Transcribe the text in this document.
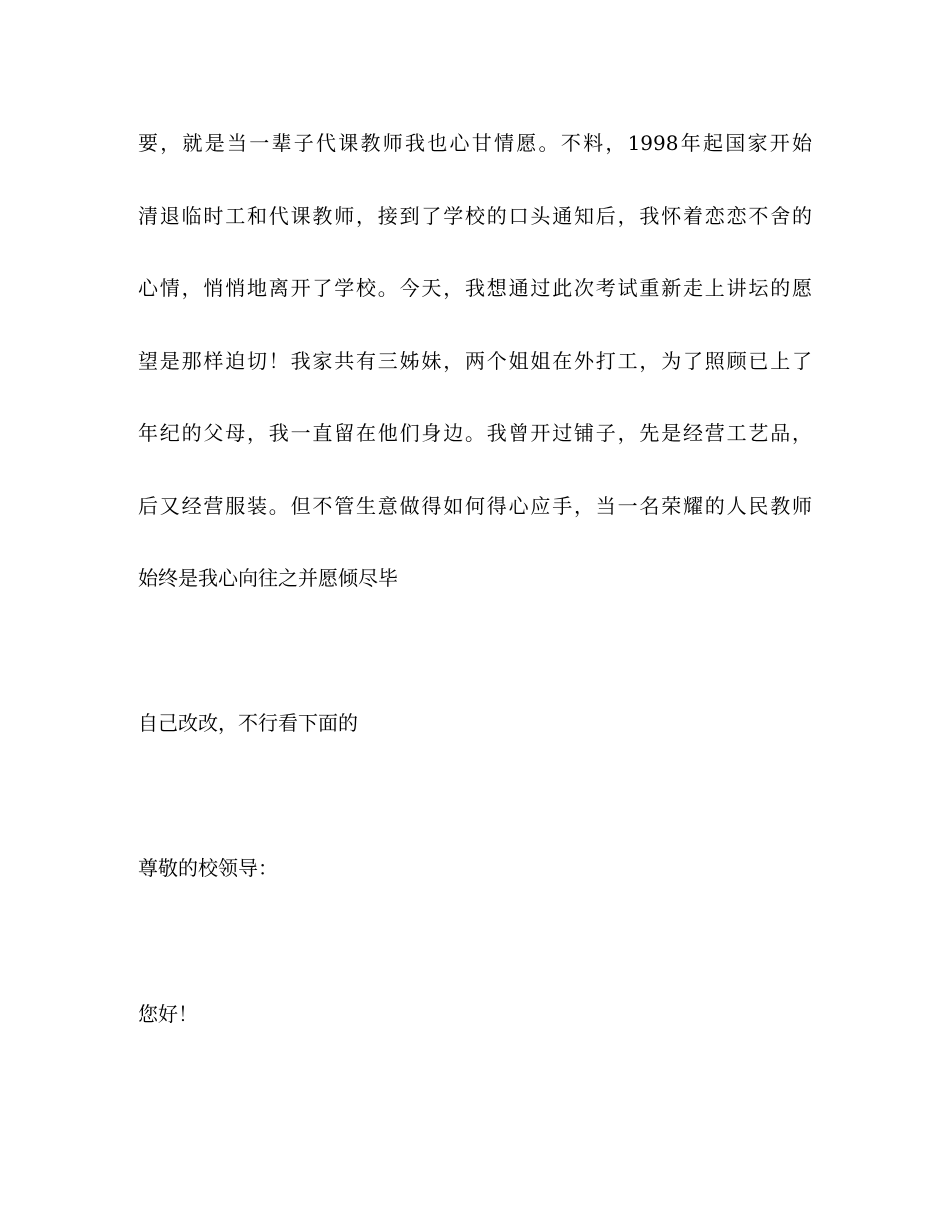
要，就是当一辈子代课教师我也心甘情愿。不料，1998年起国家开始
清退临时工和代课教师，接到了学校的口头通知后，我怀着恋恋不舍的
心情，悄悄地离开了学校。今天，我想通过此次考试重新走上讲坛的愿
望是那样迫切！我家共有三姊妹，两个姐姐在外打工，为了照顾已上了
年纪的父母，我一直留在他们身边。我曾开过铺子，先是经营工艺品，
后又经营服装。但不管生意做得如何得心应手，当一名荣耀的人民教师
始终是我心向往之并愿倾尽毕
自己改改，不行看下面的
尊敬的校领导：
您好！
